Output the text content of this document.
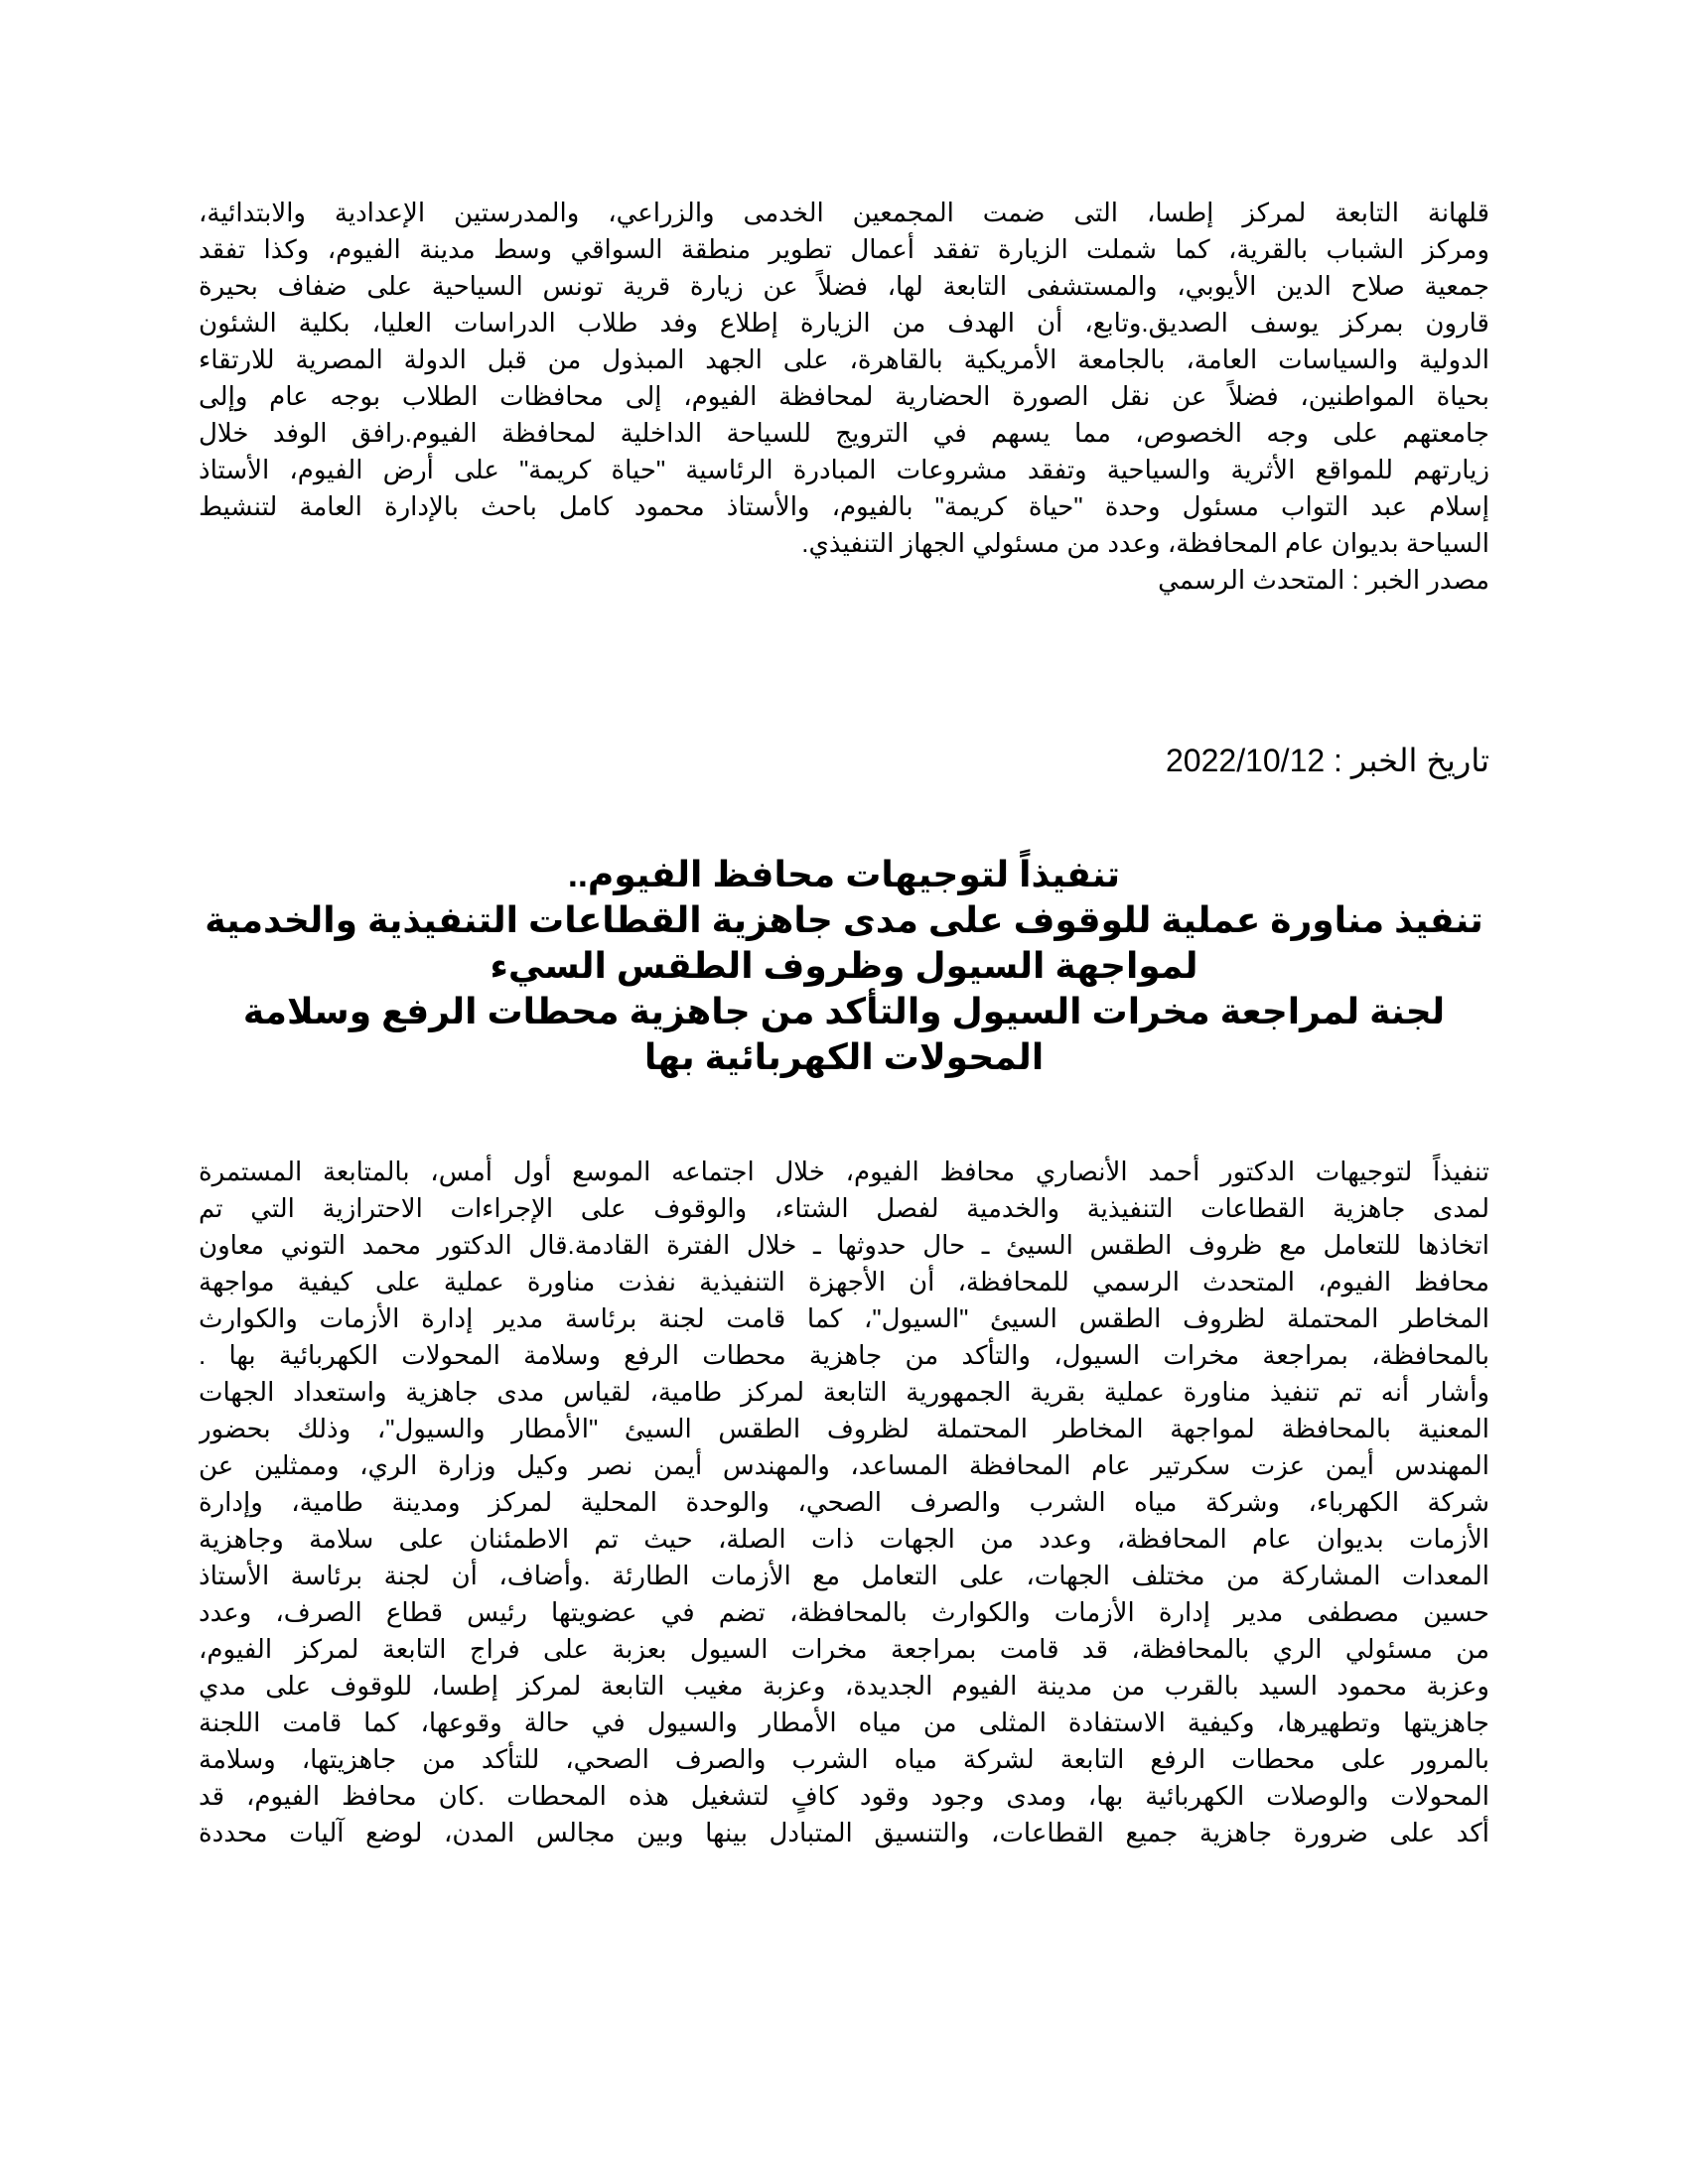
قلهانة التابعة لمركز إطسا، التى ضمت المجمعين الخدمى والزراعي، والمدرستين الإعدادية والابتدائية،
ومركز الشباب بالقرية، كما شملت الزيارة تفقد أعمال تطوير منطقة السواقي وسط مدينة الفيوم، وكذا تفقد
جمعية صلاح الدين الأيوبي، والمستشفى التابعة لها، فضلاً عن زيارة قرية تونس السياحية على ضفاف بحيرة
قارون بمركز يوسف الصديق.وتابع، أن الهدف من الزيارة إطلاع وفد طلاب الدراسات العليا، بكلية الشئون
الدولية والسياسات العامة، بالجامعة الأمريكية بالقاهرة، على الجهد المبذول من قبل الدولة المصرية للارتقاء
بحياة المواطنين، فضلاً عن نقل الصورة الحضارية لمحافظة الفيوم، إلى محافظات الطلاب بوجه عام وإلى
جامعتهم على وجه الخصوص، مما يسهم في الترويج للسياحة الداخلية لمحافظة الفيوم.رافق الوفد خلال
زيارتهم للمواقع الأثرية والسياحية وتفقد مشروعات المبادرة الرئاسية "حياة كريمة" على أرض الفيوم، الأستاذ
إسلام عبد التواب مسئول وحدة "حياة كريمة" بالفيوم، والأستاذ محمود كامل باحث بالإدارة العامة لتنشيط
السياحة بديوان عام المحافظة، وعدد من مسئولي الجهاز التنفيذي.
مصدر الخبر : المتحدث الرسمي
تاريخ الخبر : 2022/10/12
تنفيذاً لتوجيهات محافظ الفيوم..
تنفيذ مناورة عملية للوقوف على مدى جاهزية القطاعات التنفيذية والخدمية
لمواجهة السيول وظروف الطقس السيء
لجنة لمراجعة مخرات السيول والتأكد من جاهزية محطات الرفع وسلامة
المحولات الكهربائية بها
تنفيذاً لتوجيهات الدكتور أحمد الأنصاري محافظ الفيوم، خلال اجتماعه الموسع أول أمس، بالمتابعة المستمرة
لمدى جاهزية القطاعات التنفيذية والخدمية لفصل الشتاء، والوقوف على الإجراءات الاحترازية التي تم
اتخاذها للتعامل مع ظروف الطقس السيئ ـ حال حدوثها ـ خلال الفترة القادمة.قال الدكتور محمد التوني معاون
محافظ الفيوم، المتحدث الرسمي للمحافظة، أن الأجهزة التنفيذية نفذت مناورة عملية على كيفية مواجهة
المخاطر المحتملة لظروف الطقس السيئ "السيول"، كما قامت لجنة برئاسة مدير إدارة الأزمات والكوارث
بالمحافظة، بمراجعة مخرات السيول، والتأكد من جاهزية محطات الرفع وسلامة المحولات الكهربائية بها .
وأشار أنه تم تنفيذ مناورة عملية بقرية الجمهورية التابعة لمركز طامية، لقياس مدى جاهزية واستعداد الجهات
المعنية بالمحافظة لمواجهة المخاطر المحتملة لظروف الطقس السيئ "الأمطار والسيول"، وذلك بحضور
المهندس أيمن عزت سكرتير عام المحافظة المساعد، والمهندس أيمن نصر وكيل وزارة الري، وممثلين عن
شركة الكهرباء، وشركة مياه الشرب والصرف الصحي، والوحدة المحلية لمركز ومدينة طامية، وإدارة
الأزمات بديوان عام المحافظة، وعدد من الجهات ذات الصلة، حيث تم الاطمئنان على سلامة وجاهزية
المعدات المشاركة من مختلف الجهات، على التعامل مع الأزمات الطارئة .وأضاف، أن لجنة برئاسة الأستاذ
حسين مصطفى مدير إدارة الأزمات والكوارث بالمحافظة، تضم في عضويتها رئيس قطاع الصرف، وعدد
من مسئولي الري بالمحافظة، قد قامت بمراجعة مخرات السيول بعزبة على فراج التابعة لمركز الفيوم،
وعزبة محمود السيد بالقرب من مدينة الفيوم الجديدة، وعزبة مغيب التابعة لمركز إطسا، للوقوف على مدي
جاهزيتها وتطهيرها، وكيفية الاستفادة المثلى من مياه الأمطار والسيول في حالة وقوعها، كما قامت اللجنة
بالمرور على محطات الرفع التابعة لشركة مياه الشرب والصرف الصحي، للتأكد من جاهزيتها، وسلامة
المحولات والوصلات الكهربائية بها، ومدى وجود وقود كافٍ لتشغيل هذه المحطات .كان محافظ الفيوم، قد
أكد على ضرورة جاهزية جميع القطاعات، والتنسيق المتبادل بينها وبين مجالس المدن، لوضع آليات محددة
